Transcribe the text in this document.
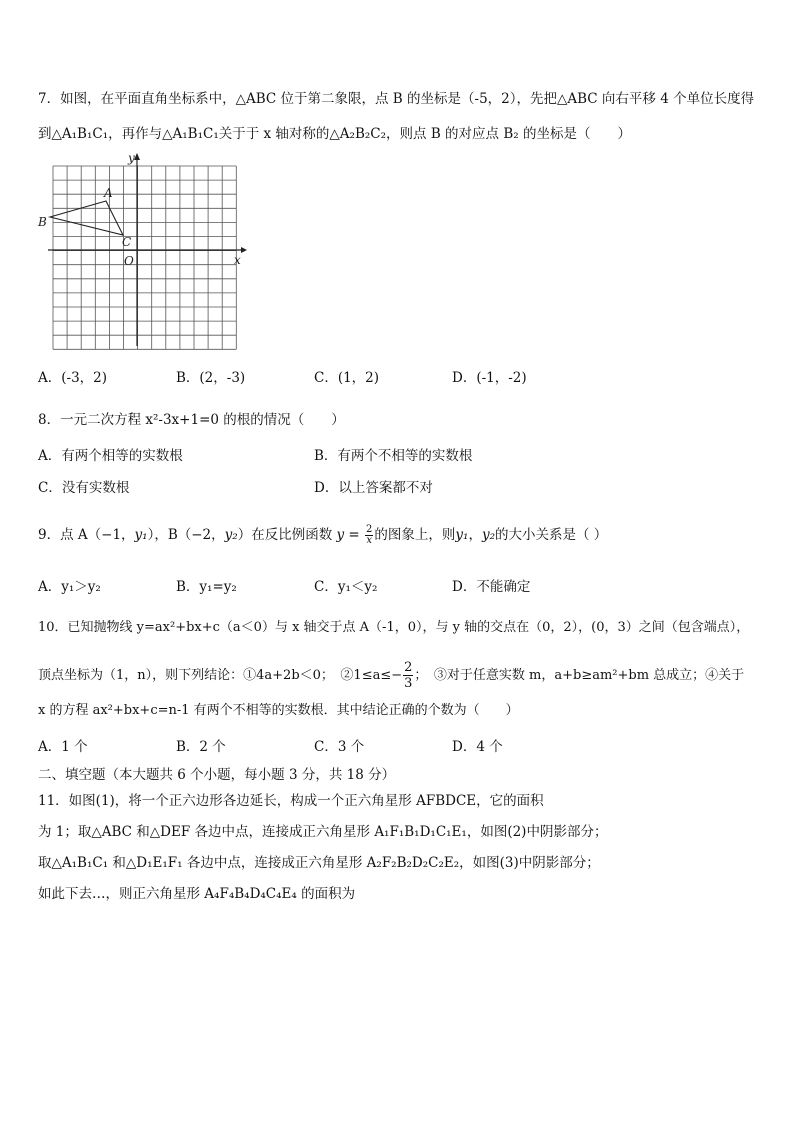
7．如图，在平面直角坐标系中，△ABC 位于第二象限，点 B 的坐标是（-5，2），先把△ABC 向右平移 4 个单位长度得
到△A₁B₁C₁，再作与△A₁B₁C₁关于于 x 轴对称的△A₂B₂C₂，则点 B 的对应点 B₂ 的坐标是（　　）
x
y
O
A
B
C
A．(-3，2)	B．(2，-3)	C．(1，2)	D．(-1，-2)
8．一元二次方程 x²-3x+1=0 的根的情况（　　）
A．有两个相等的实数根	B．有两个不相等的实数根
C．没有实数根	D．以上答案都不对
9．点 A（−1，y₁），B（−2，y₂）在反比例函数 $y = \frac{2}{x}$ 的图象上，则y₁，y₂的大小关系是（ ）
A．y₁＞y₂	B．y₁=y₂	C．y₁＜y₂	D．不能确定
10．已知抛物线 y=ax²+bx+c（a＜0）与 x 轴交于点 A（-1，0），与 y 轴的交点在（0，2），(0，3）之间（包含端点），
顶点坐标为（1，n），则下列结论：①4a+2b＜0；　②1≤a≤− $\frac{2}{3}$ ；　③对于任意实数 m，a+b≥am²+bm 总成立；④关于
x 的方程 ax²+bx+c=n-1 有两个不相等的实数根．其中结论正确的个数为（　　）
A．1 个	B．2 个	C．3 个	D．4 个
二、填空题（本大题共 6 个小题，每小题 3 分，共 18 分）
11．如图(1)，将一个正六边形各边延长，构成一个正六角星形 AFBDCE，它的面积
为 1；取△ABC 和△DEF 各边中点，连接成正六角星形 A₁F₁B₁D₁C₁E₁，如图(2)中阴影部分；
取△A₁B₁C₁ 和△D₁E₁F₁ 各边中点，连接成正六角星形 A₂F₂B₂D₂C₂E₂，如图(3)中阴影部分；
如此下去…，则正六角星形 A₄F₄B₄D₄C₄E₄ 的面积为
